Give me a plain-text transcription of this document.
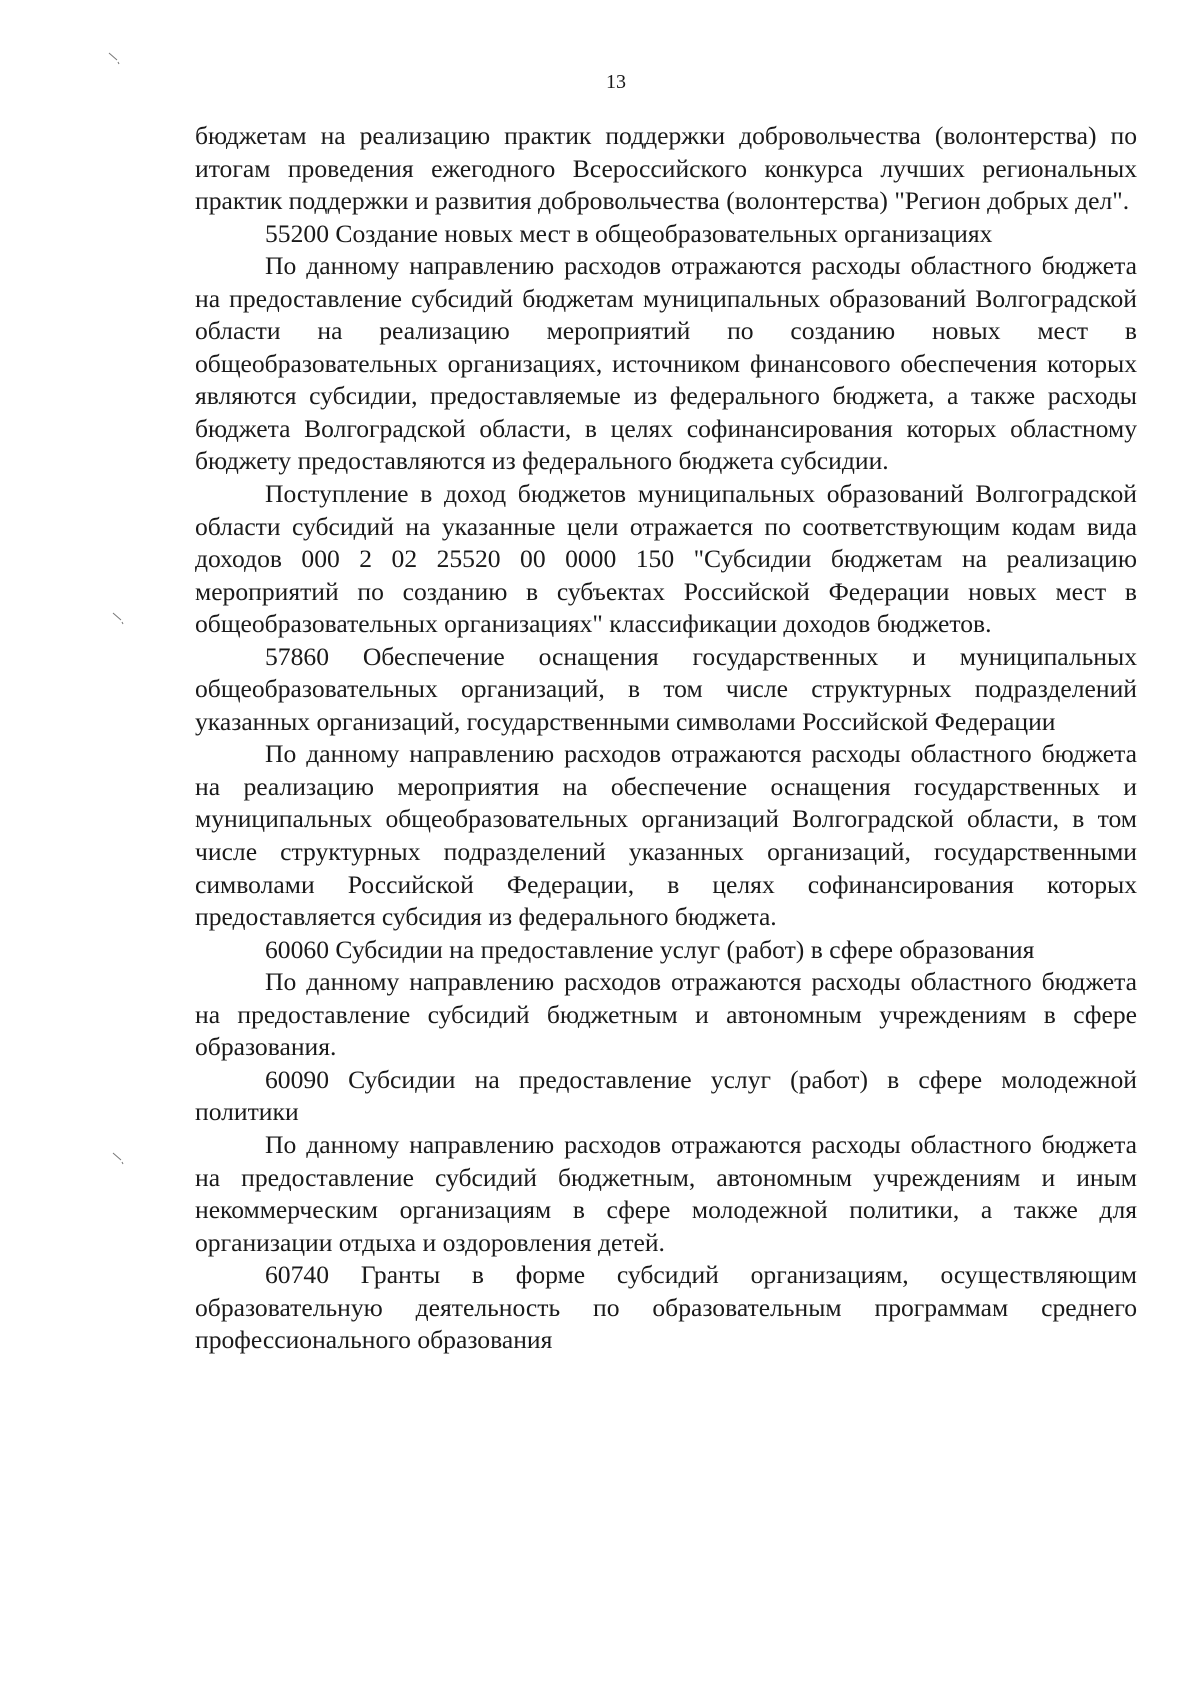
13

бюджетам на реализацию практик поддержки добровольчества (волонтерства) по итогам проведения ежегодного Всероссийского конкурса лучших региональных практик поддержки и развития добровольчества (волонтерства) "Регион добрых дел".

55200 Создание новых мест в общеобразовательных организациях

По данному направлению расходов отражаются расходы областного бюджета на предоставление субсидий бюджетам муниципальных образований Волгоградской области на реализацию мероприятий по созданию новых мест в общеобразовательных организациях, источником финансового обеспечения которых являются субсидии, предоставляемые из федерального бюджета, а также расходы бюджета Волгоградской области, в целях софинансирования которых областному бюджету предоставляются из федерального бюджета субсидии.

Поступление в доход бюджетов муниципальных образований Волгоградской области субсидий на указанные цели отражается по соответствующим кодам вида доходов 000 2 02 25520 00 0000 150 "Субсидии бюджетам на реализацию мероприятий по созданию в субъектах Российской Федерации новых мест в общеобразовательных организациях" классификации доходов бюджетов.

57860 Обеспечение оснащения государственных и муниципальных общеобразовательных организаций, в том числе структурных подразделений указанных организаций, государственными символами Российской Федерации

По данному направлению расходов отражаются расходы областного бюджета на реализацию мероприятия на обеспечение оснащения государственных и муниципальных общеобразовательных организаций Волгоградской области, в том числе структурных подразделений указанных организаций, государственными символами Российской Федерации, в целях софинансирования которых предоставляется субсидия из федерального бюджета.

60060 Субсидии на предоставление услуг (работ) в сфере образования

По данному направлению расходов отражаются расходы областного бюджета на предоставление субсидий бюджетным и автономным учреждениям в сфере образования.

60090 Субсидии на предоставление услуг (работ) в сфере молодежной политики

По данному направлению расходов отражаются расходы областного бюджета на предоставление субсидий бюджетным, автономным учреждениям и иным некоммерческим организациям в сфере молодежной политики, а также для организации отдыха и оздоровления детей.

60740 Гранты в форме субсидий организациям, осуществляющим образовательную деятельность по образовательным программам среднего профессионального образования
